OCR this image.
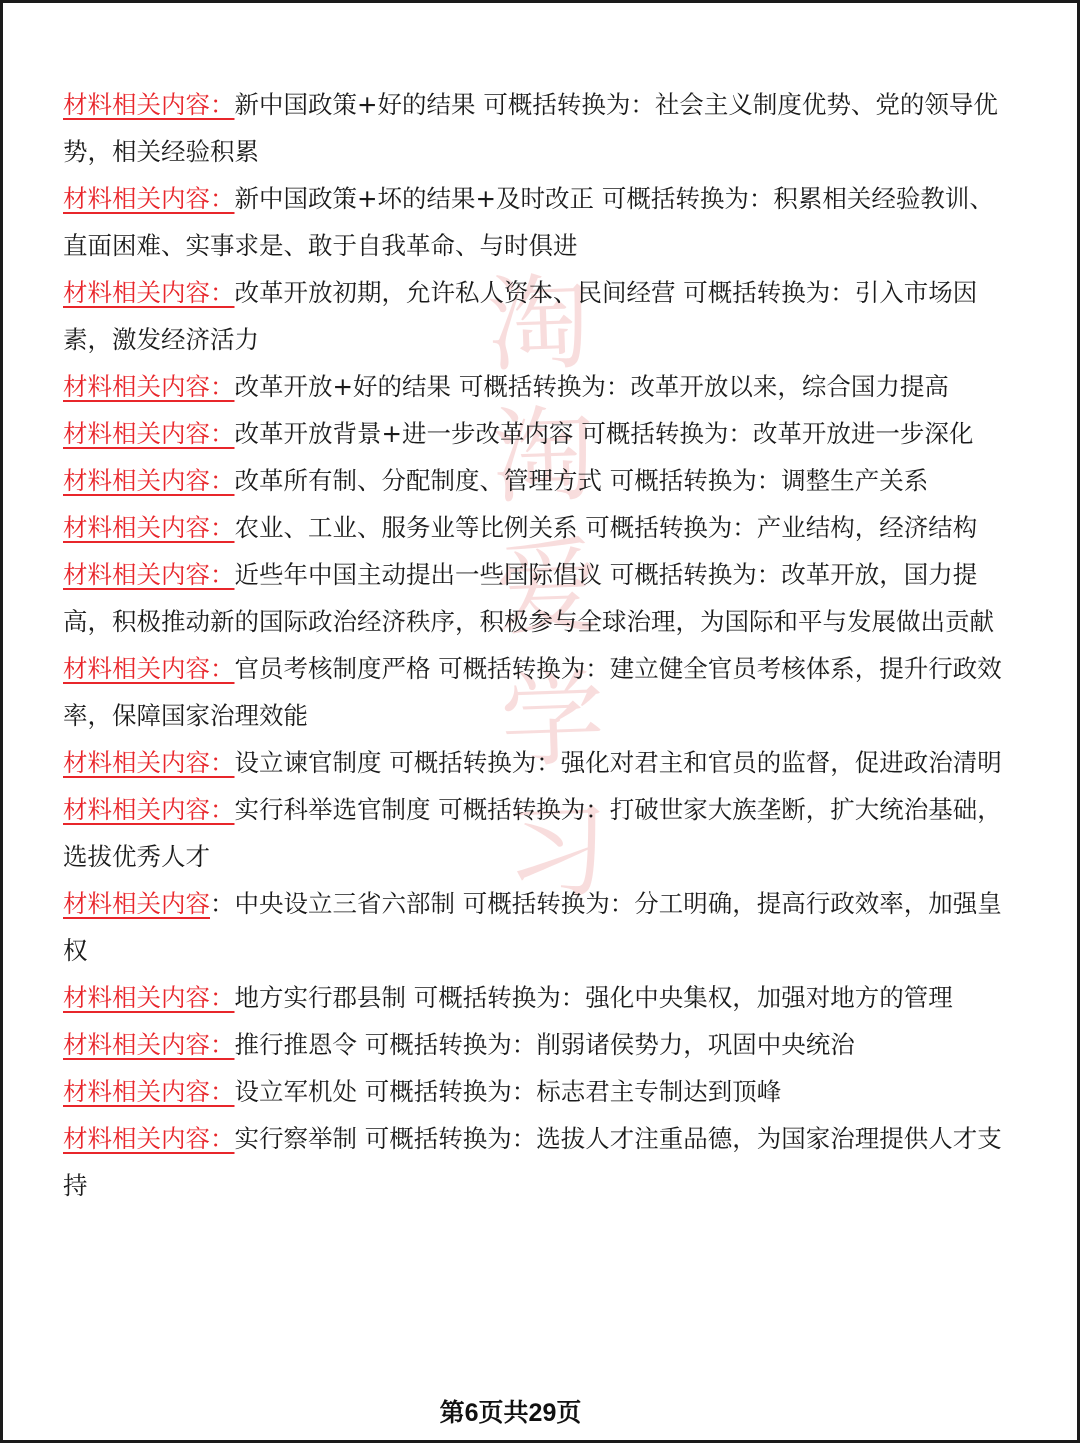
淘
淘
爱
学
习

材料相关内容：新中国政策+好的结果 可概括转换为：社会主义制度优势、党的领导优势，相关经验积累

材料相关内容：新中国政策+坏的结果+及时改正 可概括转换为：积累相关经验教训、直面困难、实事求是、敢于自我革命、与时俱进

材料相关内容：改革开放初期，允许私人资本、民间经营 可概括转换为：引入市场因素，激发经济活力

材料相关内容：改革开放+好的结果 可概括转换为：改革开放以来，综合国力提高

材料相关内容：改革开放背景+进一步改革内容 可概括转换为：改革开放进一步深化

材料相关内容：改革所有制、分配制度、管理方式 可概括转换为：调整生产关系

材料相关内容：农业、工业、服务业等比例关系 可概括转换为：产业结构，经济结构

材料相关内容：近些年中国主动提出一些国际倡议 可概括转换为：改革开放，国力提高，积极推动新的国际政治经济秩序，积极参与全球治理，为国际和平与发展做出贡献

材料相关内容：官员考核制度严格 可概括转换为：建立健全官员考核体系，提升行政效率，保障国家治理效能

材料相关内容：设立谏官制度 可概括转换为：强化对君主和官员的监督，促进政治清明

材料相关内容：实行科举选官制度 可概括转换为：打破世家大族垄断，扩大统治基础，选拔优秀人才

材料相关内容：中央设立三省六部制 可概括转换为：分工明确，提高行政效率，加强皇权

材料相关内容：地方实行郡县制 可概括转换为：强化中央集权，加强对地方的管理

材料相关内容：推行推恩令 可概括转换为：削弱诸侯势力，巩固中央统治

材料相关内容：设立军机处 可概括转换为：标志君主专制达到顶峰

材料相关内容：实行察举制 可概括转换为：选拔人才注重品德，为国家治理提供人才支持

第6页共29页
